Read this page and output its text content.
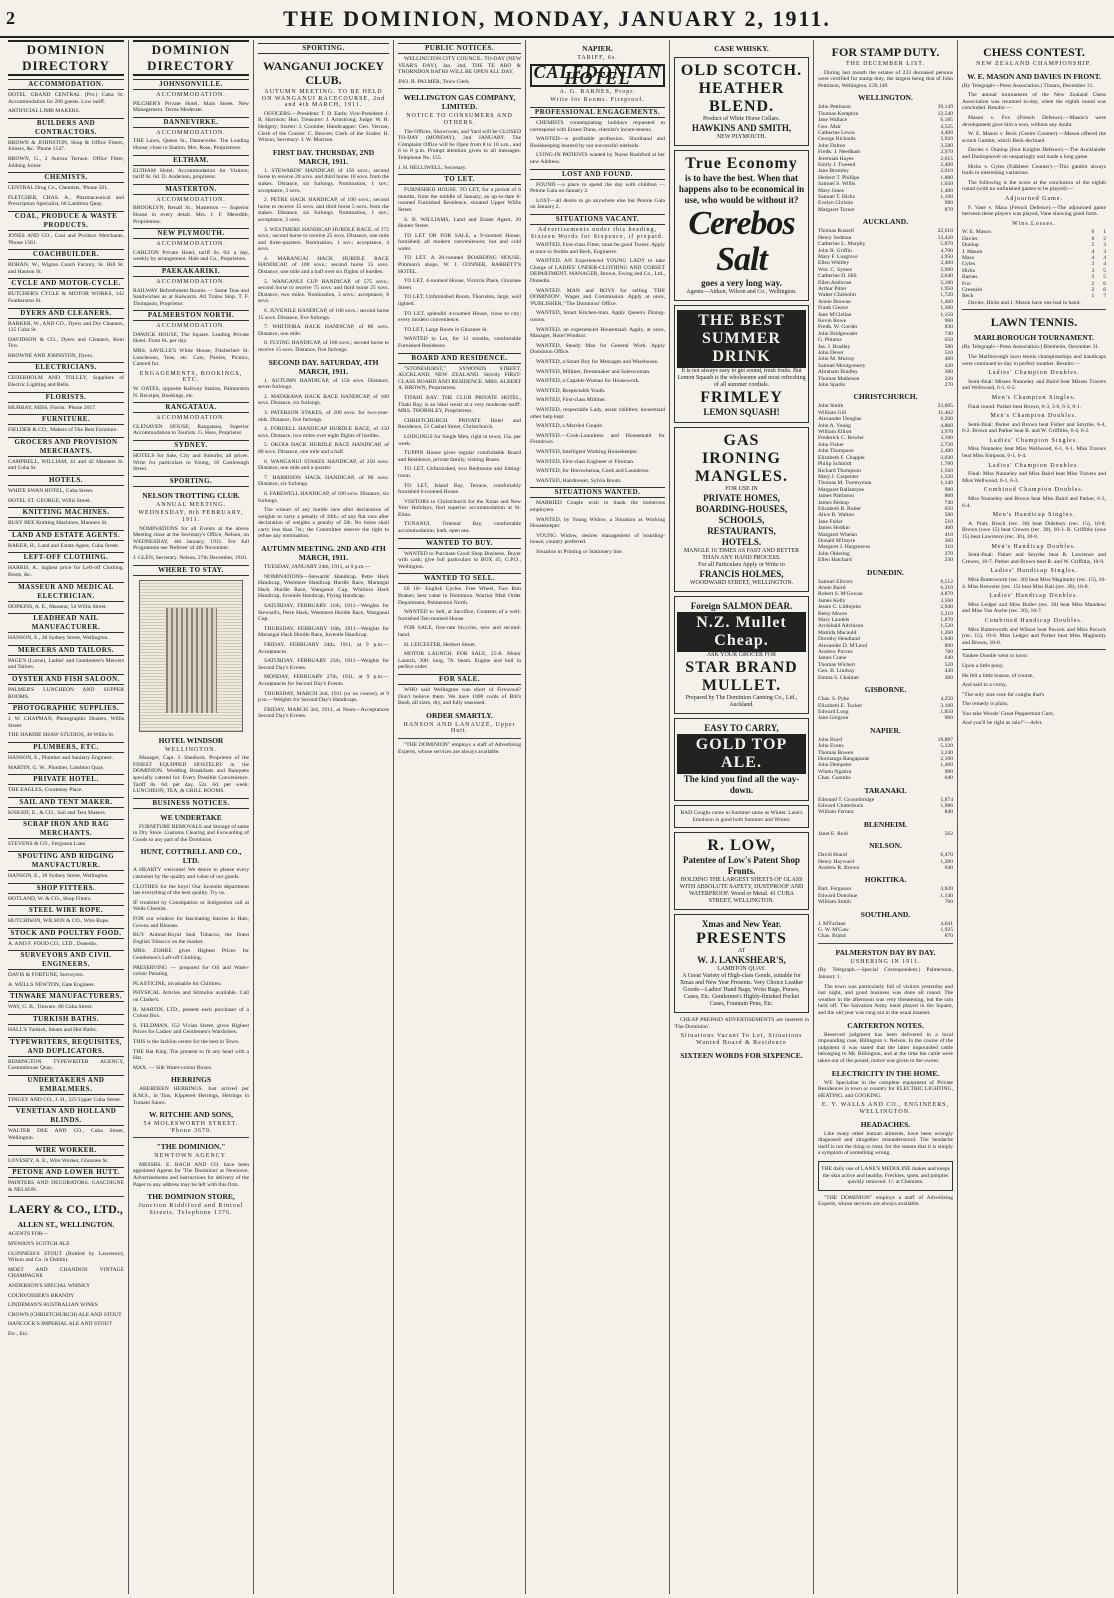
2	THE DOMINION, MONDAY, JANUARY 2, 1911.
DOMINION DIRECTORY
ACCOMMODATION.
HOTEL GRAND CENTRAL (Pvt.) Cuba St. Accommodation for 200 guests. Low tariff.
ARTIFICIAL LIMB MAKERS.
BUILDERS AND CONTRACTORS.
BROWN & JOHNSTON, Shop & Office Fitters, Joiners, &c. 'Phone 1547.
BROWN, G., 2 Aurora Terrace. Office Fitter, Jobbing Joiner.
CHEMISTS.
CENTRAL Drug Co., Chemists. 'Phone 561.
FLETCHER, CHAS. A., Pharmaceutical and Prescription Specialist, 66 Lambton Quay.
COAL, PRODUCE & WASTE PRODUCTS.
JONES AND CO., Coal and Produce Merchants. 'Phone 1581.
COACHBUILDER.
BOHAN, W., Wigton Coach Factory, St. Hill St. and Hanson St.
CYCLE AND MOTOR-CYCLE.
BUTCHER'S CYCLE & MOTOR WORKS, 142 Featherston St.
DYERS AND CLEANERS.
BARKER, W., AND CO., Dyers and Dry Cleaners, 125 Cuba St.
DAVIDSON & CO., Dyers and Cleaners, Kent Terr.
BROWNE AND JOHNSTON, Dyers.
ELECTRICIANS.
CEDERHOLM AND TOLLEY, Suppliers of Electric Lighting and Bells.
FLORISTS.
MURRAY, MISS, Florist. 'Phone 2017.
FURNITURE.
FIELDER & CO., Makers of The Best Furniture.
GROCERS AND PROVISION MERCHANTS.
CAMPBELL, WILLIAM, 41 and 42 Manners St. and Cuba St.
HOTELS.
WHITE SWAN HOTEL, Cuba Street.
HOTEL ST. GEORGE, Willis Street.
KNITTING MACHINES.
BUSY BEE Knitting Machines, Manners St.
LAND AND ESTATE AGENTS.
BAKER, H., Land and Estate Agent, Cuba Street.
LEFT-OFF CLOTHING.
HARRIS, A., highest price for Left-off Clothing. Boots, &c.
MASSEUR AND MEDICAL ELECTRICIAN.
HOPKINS, A. E., Masseur, 54 Willis Street.
LEADHEAD NAIL MANUFACTURER.
HANSON, E., 38 Sydney Street, Wellington.
MERCERS AND TAILORS.
PAGE'S (Lorne), Ladies' and Gentlemen's Mercers and Tailors.
OYSTER AND FISH SALOON.
PALMER'S LUNCHEON AND SUPPER ROOMS.
PHOTOGRAPHIC SUPPLIES.
J. W. CHAPMAN, Photographic Dealers, Willis Street.
THE HARDIE SHAW STUDIOS, 40 Willis St.
PLUMBERS, ETC.
HANSON, E., Plumber and Sanitary Engineer.
MARTIN, G. W., Plumber, Lambton Quay.
PRIVATE HOTEL.
THE EAGLES, Courtenay Place.
SAIL AND TENT MAKER.
KNIGHT, E., & CO., Sail and Tent Makers.
SCRAP IRON AND RAG MERCHANTS.
STEVENS & CO., Ferguson Lane.
SPOUTING AND RIDGING MANUFACTURER.
HANSON, E., 38 Sydney Street, Wellington.
SHOP FITTERS.
HOTLAND, W. & CO., Shop Fitters.
STEEL WIRE ROPE.
HUTCHISON, WILSON & CO., Wire Rope.
STOCK AND POULTRY FOOD.
A. AND F. FOOD CO., LTD., Dunedin.
SURVEYORS AND CIVIL ENGINEERS.
DAVIS & FORTUNE, Surveyors.
A. WELLS NEWTON, Gate Engineer.
TINWARE MANUFACTURERS.
WAY, G. B., Tinware, 86 Cuba Street.
TURKISH BATHS.
HALL'S Turkish, Steam and Hot Baths.
TYPEWRITERS, REQUISITES, AND DUPLICATORS.
REMINGTON TYPEWRITER AGENCY, Customhouse Quay.
UNDERTAKERS AND EMBALMERS.
TINGEY AND CO., J. H., 225 Upper Cuba Street.
VENETIAN AND HOLLAND BLINDS.
WALTER DEE AND CO., Cuba Street, Wellington.
WIRE WORKER.
LOVESEY, A. E., Wire Worker, Ghuznee St.
PETONE AND LOWER HUTT.
PAINTERS AND DECORATORS. GASCOIGNE & NELSON.
LAERY & CO., LTD.,
ALLEN ST., WELLINGTON.
AGENTS FOR—
M'EWAN'S SCOTCH ALE
GUINNESS'S STOUT (Bottled by Lawrence), Wilson and Co. in Dublin).
MOET AND CHANDON VINTAGE CHAMPAGNE
ANDERSON'S SPECIAL WHISKY
COURVOISIER'S BRANDY
LINDEMAN'S AUSTRALIAN WINES
CROWN (CHRISTCHURCH) ALE AND STOUT
HANCOCK'S IMPERIAL ALE AND STOUT
Etc., Etc.
DOMINION DIRECTORY
JOHNSONVILLE.
ACCOMMODATION.
PILCHER'S Private Hotel, Main Street. New Management. Terms Moderate.
DANNEVIRKE.
ACCOMMODATION.
THE Lawn, Queen St., Dannevirke. The Leading House; close to Station. Mrs. Rose, Proprietress.
ELTHAM.
ELTHAM Hotel. Accommodation for Visitors; tariff 6s. 6d. D. Anderson, proprietor.
MASTERTON.
ACCOMMODATION.
BROOKLYN, Renall St., Masterton — Superior House in every detail. Mrs. J. F. Meredith, Proprietress.
NEW PLYMOUTH.
ACCOMMODATION.
CARLTON Private Hotel, tariff 6s. 6d. a day, weekly by arrangement. Hale and Co., Proprietors.
PAEKAKARIKI.
ACCOMMODATION.
RAILWAY Refreshment Rooms — Same Teas and Sandwiches as at Kaiwarra. All Trains Stop. T. F. Thompson, Proprietor.
PALMERSTON NORTH.
ACCOMMODATION.
DAWICK HOUSE, The Square. Leading Private Hotel. From 6s. per day.
MRS. SAVILLE'S White House, Fitzherbert St. Luncheons, Teas, etc. Cars, Parties, Picnics, Catered for.
ENGAGEMENTS, BOOKINGS, ETC.
W. OATES, opposite Railway Station, Palmerston N. Receipts, Bookings, etc.
RANGATAUA.
ACCOMMODATION.
GLENAVEN HOUSE, Rangataua, Superior Accommodation to Tourists. G. Hess, Proprietor.
SYDNEY.
HOTELS for Sale, City and Suburbs; all prices. Write for particulars to Young, 18 Castlereagh Street.
SPORTING.
NELSON TROTTING CLUB.
ANNUAL MEETING.
WEDNESDAY, 8th FEBRUARY, 1911.
NOMINATIONS for all Events at the above Meeting close at the Secretary's Office, Nelson, on WEDNESDAY, 4th January, 1911. For full Programme see 'Referee' of 4th November.
J. GLEN, Secretary. Nelson, 27th December, 1910.
WHERE TO STAY.
HOTEL WINDSOR
WELLINGTON.
Manager, Capt. J. Shedlock. Proprietor of the FINEST EQUIPPED HOSTELRY in the DOMINION. Wedding Breakfasts and Banquets specially catered for. Every Possible Convenience. Tariff 8s. 6d. per day, 52s. 6d. per week. LUNCHEON, TEA, & GRILL ROOMS.
BUSINESS NOTICES.
WE UNDERTAKE
FURNITURE REMOVALS and Storage of same in Dry Store. Customs Clearing and Forwarding of Goods to any part of the Dominion.
HUNT, COTTRELL AND CO., LTD.
A HEARTY welcome! We desire to please every customer by the quality and value of our goods.
CLOTHES for the boys! Our Juvenile department has everything of the best quality. Try us.
IF troubled by Constipation or Indigestion call at Wells Chemist.
FOR our window for fascinating fancies in Hats, Gowns and Blouses.
BUY Animal-Royal Seal Tobacco, the finest English Tobacco on the market.
MRS. ZOHRE gives Highest Prices for Gentlemen's Left-off Clothing.
PRESERVING — prepared for Oil and Water-colour Painting.
PLASTICINE, invaluable for Children.
PHYSICAL Articles and Stimulus available. Call on Clarke's.
R. MARTIN, LTD., present each purchaser of a Colour Box.
S. FELDMAN, 152 Vivian Street, gives Highest Prices for Ladies' and Gentlemen's Wardrobes.
THIS is the fashion centre for the best in Town.
THE Bat King. The greatest to fit any head with a Hat.
MAX. — Silk Water-colour Boxes.
HERRINGS
ABERDEEN HERRINGS. Just arrived per R.M.S., in Tins, Kippered Herrings, Herrings in Tomato Sauce.
W. RITCHIE AND SONS,
54 MOLESWORTH STREET. 'Phone 3670.
"THE DOMINION."
NEWTOWN AGENCY.
MESSRS. E. BACH AND CO. have been appointed Agents for 'The Dominion' at Newtown. Advertisements and instructions for delivery of the Paper to any address may be left with this firm.
THE DOMINION STORE,
Junction Riddiford and Rintoul Streets. Telephone 1376.
SPORTING.
WANGANUI JOCKEY CLUB.
AUTUMN MEETING. TO BE HELD ON WANGANUI RACECOURSE, 2nd and 4th MARCH, 1911.
OFFICERS.—President: T. D. Earle; Vice-President: J. R. Harrison; Hon. Treasurer: J. Armstrong; Judge: W. H. Hedgely; Starter: J. Coombe; Handicapper: Geo. Vernon; Clerk of the Course: C. Beaven; Clerk of the Scales: H. Wilson; Secretary: J. W. Morison.
FIRST DAY. THURSDAY, 2ND MARCH, 1911.
1. STEWARDS' HANDICAP, of 150 sovs.; second horse to receive 20 sovs. and third horse 10 sovs. from the stakes. Distance, six furlongs. Nomination, 1 sov.; acceptance, 3 sovs.
2. PETRE HACK HANDICAP, of 100 sovs.; second horse to receive 15 sovs. and third horse 5 sovs. from the stakes. Distance, six furlongs. Nomination, 1 sov.; acceptance, 2 sovs.
3. WESTMERE HANDICAP HURDLE RACE, of 175 sovs.; second horse to receive 25 sovs. Distance, one mile and three-quarters. Nomination, 1 sov.; acceptance, 4 sovs.
4. MARANGAI HACK HURDLE RACE HANDICAP, of 100 sovs.; second horse 15 sovs. Distance, one mile and a half over six flights of hurdles.
5. WANGANUI CUP HANDICAP, of 575 sovs.; second horse to receive 75 sovs. and third horse 25 sovs. Distance, two miles. Nomination, 3 sovs.; acceptance, 8 sovs.
6. JUVENILE HANDICAP, of 100 sovs.; second horse 15 sovs. Distance, five furlongs.
7. WHITIORA HACK HANDICAP, of 80 sovs. Distance, one mile.
8. FLYING HANDICAP, of 100 sovs.; second horse to receive 15 sovs. Distance, five furlongs.
SECOND DAY. SATURDAY, 4TH MARCH, 1911.
1. AUTUMN HANDICAP, of 150 sovs. Distance, seven furlongs.
2. MATARAWA HACK RACE HANDICAP, of 100 sovs. Distance, six furlongs.
3. PATERSON STAKES, of 200 sovs. for two-year-olds. Distance, five furlongs.
4. FORDELL HANDICAP HURDLE RACE, of 150 sovs. Distance, two miles over eight flights of hurdles.
5. OKOIA HACK HURDLE RACE HANDICAP, of 80 sovs. Distance, one mile and a half.
6. WANGANUI STAKES HANDICAP, of 250 sovs. Distance, one mile and a quarter.
7. HARRISON HACK HANDICAP, of 80 sovs. Distance, six furlongs.
8. FAREWELL HANDICAP, of 100 sovs. Distance, six furlongs.
The winner of any hurdle race after declaration of weights to carry a penalty of 10lb.; of any flat race after declaration of weights a penalty of 5lb. No horse shall carry less than 7st.; the Committee reserve the right to refuse any nomination.
AUTUMN MEETING. 2ND AND 4TH MARCH, 1911.
TUESDAY, JANUARY 24th, 1911, at 9 p.m.—
NOMINATIONS—Stewards' Handicap, Petre Hack Handicap, Westmere Handicap Hurdle Race, Marangai Hack Hurdle Race, Wanganui Cup, Whitiora Hack Handicap, Juvenile Handicap, Flying Handicap.
SATURDAY, FEBRUARY 11th, 1911—Weights for Steward's, Petre Hack, Westmere Hurdle Race, Wanganui Cup.
THURSDAY, FEBRUARY 16th, 1911—Weights for Marangai Hack Hurdle Race, Juvenile Handicap.
FRIDAY, FEBRUARY 24th, 1911, at 9 p.m.—Acceptances.
SATURDAY, FEBRUARY 25th, 1911—Weights for Second Day's Events.
MONDAY, FEBRUARY 27th, 1911, at 9 p.m.—Acceptances for Second Day's Events.
THURSDAY, MARCH 2nd, 1911 (or on course), at 9 p.m.—Weights for Second Day's Handicaps.
FRIDAY, MARCH 3rd, 1911, at Noon—Acceptances Second Day's Events.
PUBLIC NOTICES.
WELLINGTON CITY COUNCIL. TO-DAY (NEW YEAR'S DAY), Jan. 2nd, THE TE ARO & THORNDON BATHS WILL BE OPEN ALL DAY.
JNO. R. PALMER, Town Clerk.
WELLINGTON GAS COMPANY, LIMITED.
NOTICE TO CONSUMERS AND OTHERS.
The Offices, Showroom, and Yard will be CLOSED TO-DAY (MONDAY), 2nd JANUARY. The Complaint Office will be Open from 8 to 10 a.m., and 6 to 8 p.m. Prompt attention given to all messages. Telephone No. 155.
J. H. HELLIWELL, Secretary.
TO LET.
FURNISHED HOUSE. TO LET, for a period of 6 months, from the middle of January, an up-to-date 8-roomed Furnished Residence, situated Upper Willis Street.
S. B. WILLIAMS, Land and Estate Agent, 20 Hunter Street.
TO LET OR FOR SALE, a 9-roomed House, furnished; all modern conveniences; hot and cold water.
TO LET. A 20-roomed BOARDING HOUSE, Pimmon's shops. W. J. CONNER, BARRETT'S HOTEL.
TO LET, 4-roomed House, Victoria Place, Ghuznee Street.
TO LET, Unfurnished Room, Thorndon, large, well lighted.
TO LET, splendid 4-roomed House, close to city; every modern convenience.
TO LET, Large Room in Ghuznee St.
WANTED to Let, for 12 months, comfortable Furnished Residence.
BOARD AND RESIDENCE.
"STONEHURST," SYMONDS STREET, AUCKLAND, NEW ZEALAND. Strictly FIRST-CLASS BOARD AND RESIDENCE. MRS. ALBERT A. BROWN, Proprietress.
TITAHI BAY. THE CLUB PRIVATE HOTEL, Titahi Bay, is an ideal resort at a very moderate tariff. MRS. THORNLEY, Proprietress.
CHRISTCHURCH. PRIVATE Hotel and Residence, 51 Cashel Street, Christchurch.
LODGINGS for Single Men, right in town; 15s. per week.
TUPPIN House gives regular comfortable Board and Residence, private family, visiting Buses.
TO LET, Unfurnished, two Bedrooms and Sitting-room.
TO LET, Island Bay, Terrace, comfortably furnished 6-roomed House.
VISITORS to Christchurch for the Xmas and New Year Holidays, find superior accommodation at St. Elmo.
TUNANUI, Oriental Bay, comfortable accommodation; bath, open sea.
WANTED TO BUY.
WANTED to Purchase Good Shop Business, Buyer with cash; give full particulars to BOX 45, G.P.O., Wellington.
WANTED TO SELL.
£6 10/- English Cycles. Free Wheel, Two Rim Brakes; best value in Dominion. Warrior Mail Order Department, Palmerston North.
WANTED to Sell, at Sacrifice, Contents of a well-furnished Ten-roomed House.
FOR SALE, first-rate bicycles, new and second-hand.
H. LEICESTER, Herbert Street.
MOTOR LAUNCH. FOR SALE, 25-ft. Motor Launch, 30ft. long, 7ft. beam. Engine and hull in perfect order.
FOR SALE.
WHO said Wellington was short of Firewood? Don't believe them. We have 1000 cords of Bill's Bush, all sizes, dry, and fully seasoned.
ORDER SMARTLY.
HANSON AND LANAUZE, Upper Hutt.
"THE DOMINION" employs a staff of Advertising Experts, whose services are always available.
NAPIER.
TARIFF, 6s.
CALEDONIAN HOTEL
A. G. BARNES, Propr.
Write for Rooms. Fireproof.
PROFESSIONAL ENGAGEMENTS.
CHEMISTS contemplating holidays requested to correspond with Ernest Dunn, chemist's locum-tenens.
WANTED—a profitable profession. Shorthand and Bookkeeping learned by our successful methods.
LYING-IN PATIENTS wanted by Nurse Rushford at her new Address.
LOST AND FOUND.
FOUND.—a place to spend the day with children — Petone Gala on January 2.
LOST—all desire to go anywhere else but Petone Gala on January 2.
SITUATIONS VACANT.
Advertisements under this heading, Sixteen Words for Sixpence, if prepaid.
WANTED, First-class Fitter, must be good Turner. Apply at once to Stubbs and Beck, Engineers.
WANTED. AN Experienced YOUNG LADY to take Charge of LADIES' UNDER-CLOTHING AND CORSET DEPARTMENT. MANAGER, Brown, Ewing and Co., Ltd., Dunedin.
WANTED. MAN and BOYS for selling 'THE DOMINION'. Wages and Commission. Apply at once, 'PUBLISHER,' 'The Dominion' Office.
WANTED, Smart Kitchen-man. Apply Queen's Dining-rooms.
WANTED, an experienced Housemaid. Apply, at once, Manager, Hotel Windsor.
WANTED, Steady Man for General Work. Apply Dominion Office.
WANTED, a Smart Boy for Messages and Warehouse.
WANTED, Milliner, Dressmaker and Saleswoman.
WANTED, a Capable Woman for Housework.
WANTED, Respectable Youth.
WANTED, First-class Milliner.
WANTED, respectable Lady, assist children; housemaid other help kept.
WANTED, a Married Couple.
WANTED.—Cook-Laundress and Housemaid for Ferndown.
WANTED, Intelligent Working Housekeeper.
WANTED, First-class Engineer or Fireman.
WANTED, for Horowhenua, Cook and Laundress.
WANTED, Hairdresser, Sylvia Room.
SITUATIONS WANTED.
MARRIED Couple wish to thank the numerous employers.
WANTED, by Young Widow, a Situation as Working Housekeeper.
YOUNG Widow, desires management of boarding-house; country preferred.
Situation in Printing or Stationery line.
CASE WHISKY.
OLD SCOTCH.
HEATHER BLEND.
Product of White Horse Cellars.
HAWKINS AND SMITH,
NEW PLYMOUTH.
True Economy
is to have the best. When that happens also to be economical in use, who would be without it?
Cerebos
Salt
goes a very long way.
Agents—Aitken, Wilson and Co., Wellington.
THE BEST SUMMER DRINK
It is not always easy to get sound, fresh fruits. But Lemon Squash is the wholesome and most refreshing of all summer cordials.
FRIMLEY
LEMON SQUASH!
GAS
IRONING
MANGLES.
FOR USE IN
PRIVATE HOMES,
BOARDING-HOUSES,
SCHOOLS,
RESTAURANTS,
HOTELS.
MANGLE 16 TIMES AS FAST AND BETTER THAN ANY HAND PROCESS.
For all Particulars Apply or Write to
FRANCIS HOLMES,
WOODWARD STREET, WELLINGTON.
Foreign SALMON DEAR.
N.Z. Mullet Cheap.
ASK YOUR GROCER FOR
STAR BRAND MULLET.
Prepared by The Dominion Canning Co., Ltd., Auckland.
EASY TO CARRY,
GOLD TOP ALE.
The kind you find all the way-down.
BAD Coughs come in Summer same as Winter. Lane's Emulsion is good both Summer and Winter.
R. LOW,
Patentee of Low's Patent Shop Fronts.
HOLDING THE LARGEST SHEETS OF GLASS WITH ABSOLUTE SAFETY, DUSTPROOF AND WATERPROOF. Wood or Metal. 41 CUBA STREET, WELLINGTON.
Xmas and New Year.
PRESENTS
AT
W. J. LANKSHEAR'S,
LAMBTON QUAY.
A Great Variety of High-class Goods, suitable for Xmas and New Year Presents. Very Choice Leather Goods—Ladies' Hand Bags, Wrist Bags, Purses, Cases, Etc. Gentlemen's Highly-finished Pocket Cases, Fountain Pens, Etc.
CHEAP PREPAID ADVERTISEMENTS are inserted in 'The Dominion'.
Situations Vacant To Let, Situations Wanted Board & Residence
SIXTEEN WORDS FOR SIXPENCE.
FOR STAMP DUTY.
THE DECEMBER LIST.
During last month the estates of 233 deceased persons were certified for stamp duty, the largest being that of John Pettinson, Wellington, £39,149.
WELLINGTON.
John Pettinson	39,149
Thomas Kempton	12,540
Jane Wallace	6,185
Geo. Mair	4,525
Catherine Lewis	4,400
George Richards	3,920
John Dalton	3,580
Fredk. J. Needham	2,970
Jeremiah Hayes	2,615
Emily J. Tweeed	2,400
Jane Bromley	2,010
Herbert T. Phillips	1,880
Samuel S. Willis	1,650
Mary Jones	1,400
Samuel T. Hicks	1,100
Evelyn Christie	980
Margaret Turner	870
AUCKLAND.
Thomas Russell	22,610
Henry Sedman	13,420
Catherine L. Murphy	5,870
John R. Griffin	4,700
Mary F. Lusgrave	3,950
Ellen Whitley	3,460
Wm. C. Symes	2,900
Catherine D. Hill	2,640
Ellen Ambrose	2,180
Arthur Pitter	1,950
Walter Chisholm	1,720
Annie Browne	1,460
Frank Cleave	1,300
Jane M'Clellan	1,150
Kevin Rowe	960
Fredk. W. Gordes	830
John Bridgewater	740
G. Pittams	650
Jas. J. Bradley	580
John Dever	510
John M. Murray	460
Samuel Montgomery	420
Abraham Bradley	380
Thomas Matheson	320
John Sparks	270
CHRISTCHURCH.
John Smith	23,605
William Gill	11,462
Alexander Douglas	6,200
John A. Young	4,860
William Elliott	3,970
Frederick C. Bowler	3,100
John Fisher	2,720
John Thompson	2,400
Elizabeth F. Chapple	2,030
Philip Schmidt	1,780
Richard Thompson	1,560
Mary J. Carpenter	1,320
Thomas M. Twemyman	1,140
Margaret Ballantyne	980
James Pattinson	860
James Bishop	740
Elizabeth B. Butler	650
Alice B. Walton	580
Jane Fuller	510
James Hodkin	460
Margaret Whelan	410
Donald M'Intyre	360
Margaret J. Hargreaves	310
John Oldering	270
Ellen Hatchard	230
DUNEDIN.
Samuel Ellcorn	8,512
Annie Baird	6,310
Robert S. M'Gowan	4,870
James Kelly	3,560
Jessie C. Littlejohn	2,940
Betsy Moore	2,210
Mary Laudels	1,870
Archibald Aitchison	1,520
Matilda Macauld	1,260
Dorothy Hendland	1,040
Alexander D. M'Leod	890
Andrew Purves	760
James Crane	640
Thomas Wichert	520
Geo. B. Lindsay	430
Emma S. Chalmer	360
GISBORNE.
Chas. S. Pyke	4,250
Elizabeth E. Tucker	3,100
Edward Long	1,850
Jane Gregson	960
NAPIER.
John Boyd	18,887
John Evans	5,120
Thomas Bowen	3,240
Hormanga Rangaparas	2,100
John Dempster	1,460
Whetu Ngatira	980
Chas. Coombs	640
TARANAKI.
Edmund T. Groombridge	5,874
Edward Clutterbuck	1,986
William Ferrara	840
BLENHEIM.
Janet E. Reid	562
NELSON.
David Brand	6,470
Henry Hayward	1,280
Andrew R. Brown	640
HOKITIKA.
Bart. Ferguson	3,820
Edward Donohue	1,140
William Smith	760
SOUTHLAND.
J. M'Farlane	4,641
G. W. M'Gaw	1,925
Chas. Brand	870
PALMERSTON DAY BY DAY.
USHERING IN 1911.
(By Telegraph.—Special Correspondent.) Palmerston, January 1.
The town was particularly full of visitors yesterday and last night, and good business was done all round. The weather in the afternoon was very threatening, but the rain held off. The Salvation Army band played in the Square, and the old year was rung out in the usual manner.
CARTERTON NOTES.
Reserved judgment has been delivered in a local impounding case, Billington v. Nelson. In the course of the judgment it was stated that the latter impounded cattle belonging to Mr. Billington, and at the time the cattle were taken out of the pound, notice was given to the owner.
ELECTRICITY IN THE HOME.
WE Specialise in the complete equipment of Private Residences in town or country for ELECTRIC LIGHTING, HEATING, and COOKING.
E. Y. WALLS AND CO., ENGINEERS, WELLINGTON.
HEADACHES.
Like many other human ailments, have been wrongly diagnosed and altogether misunderstood. The headache itself is not the thing to treat, for the reason that it is simply a symptom of something wrong.
THE daily use of LANE'S MEDOLINE makes and keeps the skin active and healthy. Freckles, spots, and pimples quickly removed. 1/- at Chemists.
"THE DOMINION" employs a staff of Advertising Experts, whose services are always available.
CHESS CONTEST.
NEW ZEALAND CHAMPIONSHIP.
W. E. MASON AND DAVIES IN FRONT.
(By Telegraph—Press Association.) Timaru, December 31.
The annual tournament of the New Zealand Chess Association was resumed to-day, when the eighth round was concluded. Results:—
Mason v. Fox (French Defence).—Mason's were development gave him a won, without any doubt.
W. E. Mason v. Beck (Centre Counter).—Mason offered the scotch Gambit, which Beck declined.
Davies v. Dunlop (four Knights Defence).—The Aucklander and Dunlopnovel on unsparingly and made a long game.
Hicks v. Gyles (Falkbeer Counter).—This gambit always leads to interesting variations.
The following is the score at the conclusion of the eighth round (with no unfinished games to be played):—
Adjourned Game.
F. Vane v. Mara (French Defence).—The adjourned game between these players was played, Vane showing good form.
Wins.Losses.
W. E. Mason	6	1
Davies	6	2
Dunlop	5	3
J. Mason	4	3
Mara	4	4
Gyles	3	4
Hicks	3	5
Barnes	3	5
Fox	2	6
Greenish	2	6
Beck	1	7
Davies, Hicks and J. Mason have one bad in hand.
LAWN TENNIS.
MARLBOROUGH TOURNAMENT.
(By Telegraph—Press Association.) Blenheim, December 31.
The Marlborough lawn tennis championships and handicaps were continued to-day in perfect weather. Results:—
Ladies' Champion Doubles.
Semi-final: Misses Nunneley and Baird beat Misses Travers and Wellwood, 6-1, 6-2.
Men's Champion Singles.
Final round: Parker beat Brown, 6-3, 3-6, 6-3, 6-1.
Men's Champion Doubles.
Semi-final: Parker and Brown beat Fisher and Smythe, 6-4, 6-2. Brown and Parker beat R. and W. Griffiths, 6-4, 6-2.
Ladies' Champion Singles.
Miss Nunneley beat Miss Wellwood, 6-1, 6-1. Miss Travers beat Miss Simpson, 6-1, 6-4.
Ladies' Champion Doubles.
Final: Miss Nunneley and Miss Baird beat Miss Travers and Miss Wellwood, 6-1, 6-3.
Combined Champion Doubles.
Miss Nunneley and Brown beat Miss Baird and Parker, 6-3, 6-4.
Men's Handicap Singles.
A. Pratt, Brock (rec. 30) beat Didsbury (rec. 15), 10-8. Brown (owe 15) beat Crewes (rec. 30), 10-3. R. Griffiths (owe 15) beat Lawrence (rec. 30), 10-6.
Men's Handicap Doubles.
Semi-final: Fisher and Smythe beat R. Lawrence and Crewes, 10-7. Parker and Brown beat R. and W. Griffiths, 10-9.
Ladies' Handicap Singles.
Miss Butterworth (rec. 30) beat Miss Maginnity (rec. 15), 10-4. Miss Brewster (rec. 15) beat Miss Ball (rec. 30), 10-8.
Ladies' Handicap Doubles.
Miss Ledger and Miss Butler (rec. 30) beat Miss Mandeno and Miss Van Asche (rec. 30), 10-7.
Combined Handicap Doubles.
Miss Butterworth and Wilson beat Pocock and Miss Pocock (rec. 15), 10-6. Miss Ledger and Parker beat Miss Maginnity and Brown, 10-8.
Yankee Doodle went to town
Upon a little pony,
He felt a little hoarse, of course,
And said to a crony,
"The only sure cure for coughs that's
The remedy is plain;
You take Woods' Great Peppermint Cure,
And you'll be right as rain!"—Advt.
